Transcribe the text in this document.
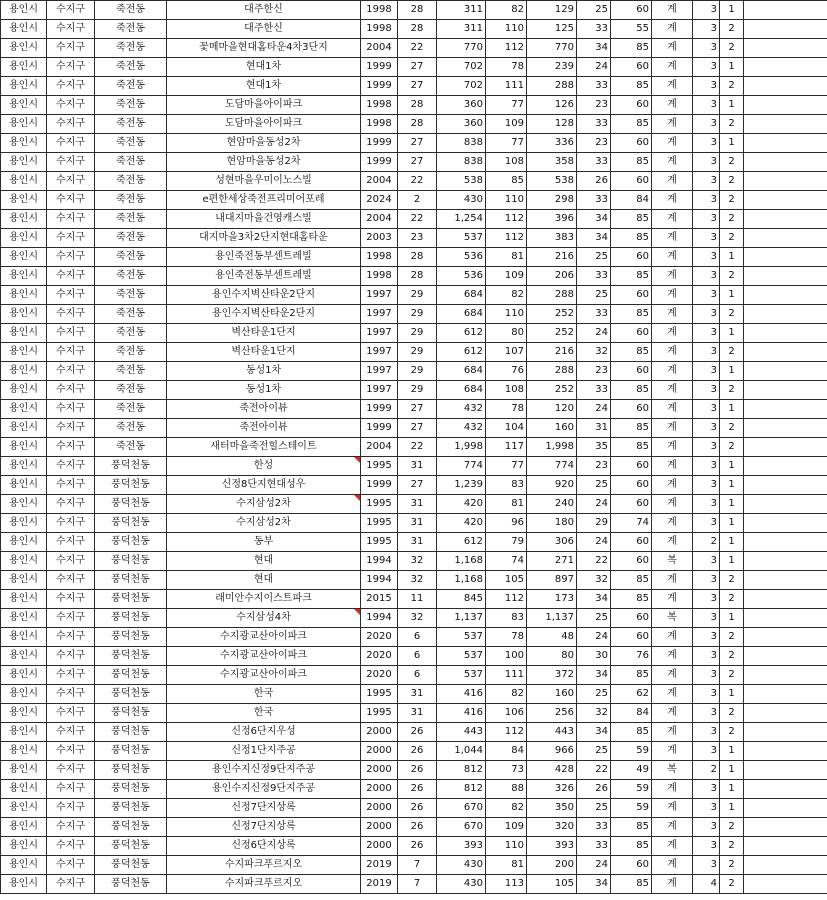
용인시	수지구	죽전동	대주한신	1998	28	311	82	129	25	60	계	3	1	
용인시	수지구	죽전동	대주한신	1998	28	311	110	125	33	55	계	3	2	
용인시	수지구	죽전동	꽃메마을현대홈타운4차3단지	2004	22	770	112	770	34	85	계	3	2	
용인시	수지구	죽전동	현대1차	1999	27	702	78	239	24	60	계	3	1	
용인시	수지구	죽전동	현대1차	1999	27	702	111	288	33	85	계	3	2	
용인시	수지구	죽전동	도담마을아이파크	1998	28	360	77	126	23	60	계	3	1	
용인시	수지구	죽전동	도담마을아이파크	1998	28	360	109	128	33	85	계	3	2	
용인시	수지구	죽전동	현암마을동성2차	1999	27	838	77	336	23	60	계	3	1	
용인시	수지구	죽전동	현암마을동성2차	1999	27	838	108	358	33	85	계	3	2	
용인시	수지구	죽전동	성현마을우미이노스빌	2004	22	538	85	538	26	60	계	3	2	
용인시	수지구	죽전동	e편한세상죽전프리미어포레	2024	2	430	110	298	33	84	계	3	2	
용인시	수지구	죽전동	내대지마을건영캐스빌	2004	22	1,254	112	396	34	85	계	3	2	
용인시	수지구	죽전동	대지마을3차2단지현대홈타운	2003	23	537	112	383	34	85	계	3	2	
용인시	수지구	죽전동	용인죽전동부센트레빌	1998	28	536	81	216	25	60	계	3	1	
용인시	수지구	죽전동	용인죽전동부센트레빌	1998	28	536	109	206	33	85	계	3	2	
용인시	수지구	죽전동	용인수지벽산타운2단지	1997	29	684	82	288	25	60	계	3	1	
용인시	수지구	죽전동	용인수지벽산타운2단지	1997	29	684	110	252	33	85	계	3	2	
용인시	수지구	죽전동	벽산타운1단지	1997	29	612	80	252	24	60	계	3	1	
용인시	수지구	죽전동	벽산타운1단지	1997	29	612	107	216	32	85	계	3	2	
용인시	수지구	죽전동	동성1차	1997	29	684	76	288	23	60	계	3	1	
용인시	수지구	죽전동	동성1차	1997	29	684	108	252	33	85	계	3	2	
용인시	수지구	죽전동	죽전아이뷰	1999	27	432	78	120	24	60	계	3	1	
용인시	수지구	죽전동	죽전아이뷰	1999	27	432	104	160	31	85	계	3	2	
용인시	수지구	죽전동	새터마을죽전힐스테이트	2004	22	1,998	117	1,998	35	85	계	3	2	
용인시	수지구	풍덕천동	한성	1995	31	774	77	774	23	60	계	3	1	
용인시	수지구	풍덕천동	신정8단지현대성우	1999	27	1,239	83	920	25	60	계	3	1	
용인시	수지구	풍덕천동	수지삼성2차	1995	31	420	81	240	24	60	계	3	1	
용인시	수지구	풍덕천동	수지삼성2차	1995	31	420	96	180	29	74	계	3	1	
용인시	수지구	풍덕천동	동부	1995	31	612	79	306	24	60	계	2	1	
용인시	수지구	풍덕천동	현대	1994	32	1,168	74	271	22	60	복	3	1	
용인시	수지구	풍덕천동	현대	1994	32	1,168	105	897	32	85	계	3	2	
용인시	수지구	풍덕천동	래미안수지이스트파크	2015	11	845	112	173	34	85	계	3	2	
용인시	수지구	풍덕천동	수지삼성4차	1994	32	1,137	83	1,137	25	60	복	3	1	
용인시	수지구	풍덕천동	수지광교산아이파크	2020	6	537	78	48	24	60	계	3	2	
용인시	수지구	풍덕천동	수지광교산아이파크	2020	6	537	100	80	30	76	계	3	2	
용인시	수지구	풍덕천동	수지광교산아이파크	2020	6	537	111	372	34	85	계	3	2	
용인시	수지구	풍덕천동	한국	1995	31	416	82	160	25	62	계	3	1	
용인시	수지구	풍덕천동	한국	1995	31	416	106	256	32	84	계	3	2	
용인시	수지구	풍덕천동	신정6단지우성	2000	26	443	112	443	34	85	계	3	2	
용인시	수지구	풍덕천동	신정1단지주공	2000	26	1,044	84	966	25	59	계	3	1	
용인시	수지구	풍덕천동	용인수지신정9단지주공	2000	26	812	73	428	22	49	복	2	1	
용인시	수지구	풍덕천동	용인수지신정9단지주공	2000	26	812	88	326	26	59	계	3	1	
용인시	수지구	풍덕천동	신정7단지상록	2000	26	670	82	350	25	59	계	3	1	
용인시	수지구	풍덕천동	신정7단지상록	2000	26	670	109	320	33	85	계	3	2	
용인시	수지구	풍덕천동	신정6단지상록	2000	26	393	110	393	33	85	계	3	2	
용인시	수지구	풍덕천동	수지파크푸르지오	2019	7	430	81	200	24	60	계	3	2	
용인시	수지구	풍덕천동	수지파크푸르지오	2019	7	430	113	105	34	85	계	4	2	
